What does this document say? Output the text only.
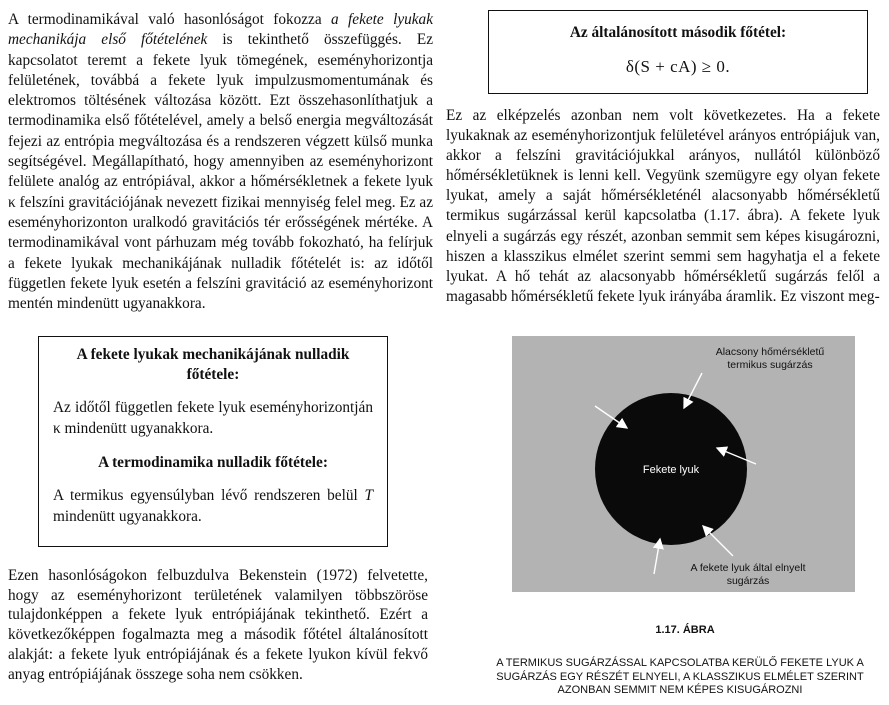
A termodinamikával való hasonlóságot fokozza a fekete lyukak mechanikája első főtételének is tekinthető összefüggés. Ez kapcsolatot teremt a fekete lyuk tömegének, eseményhorizontja felületének, továbbá a fekete lyuk impulzusmomentumának és elektromos töltésének változása között. Ezt összehasonlíthatjuk a termodinamika első főtételével, amely a belső energia megváltozását fejezi az entrópia megváltozása és a rendszeren végzett külső munka segítségével. Megállapítható, hogy amennyiben az eseményhorizont felülete analóg az entrópiával, akkor a hőmérsékletnek a fekete lyuk κ felszíni gravitációjának nevezett fizikai mennyiség felel meg. Ez az eseményhorizonton uralkodó gravitációs tér erősségének mértéke. A termodinamikával vont párhuzam még tovább fokozható, ha felírjuk a fekete lyukak mechanikájának nulladik főtételét is: az időtől független fekete lyuk esetén a felszíni gravitáció az eseményhorizont mentén mindenütt ugyanakkora.

A fekete lyukak mechanikájának nulladik főtétele:

Az időtől független fekete lyuk eseményhorizontján κ mindenütt ugyanakkora.

A termodinamika nulladik főtétele:

A termikus egyensúlyban lévő rendszeren belül T mindenütt ugyanakkora.

Ezen hasonlóságokon felbuzdulva Bekenstein (1972) felvetette, hogy az eseményhorizont területének valamilyen többszöröse tulajdonképpen a fekete lyuk entrópiájának tekinthető. Ezért a következőképpen fogalmazta meg a második főtétel általánosított alakját: a fekete lyuk entrópiájának és a fekete lyukon kívül fekvő anyag entrópiájának összege soha nem csökken.

Az általánosított második főtétel:

δ(S + cA) ≥ 0.

Ez az elképzelés azonban nem volt következetes. Ha a fekete lyukaknak az eseményhorizontjuk felületével arányos entrópiájuk van, akkor a felszíni gravitációjukkal arányos, nullától különböző hőmérsékletüknek is lenni kell. Vegyünk szemügyre egy olyan fekete lyukat, amely a saját hőmérsékleténél alacsonyabb hőmérsékletű termikus sugárzással kerül kapcsolatba (1.17. ábra). A fekete lyuk elnyeli a sugárzás egy részét, azonban semmit sem képes kisugározni, hiszen a klasszikus elmélet szerint semmi sem hagyhatja el a fekete lyukat. A hő tehát az alacsonyabb hőmérsékletű sugárzás felől a magasabb hőmérsékletű fekete lyuk irányába áramlik. Ez viszont meg-

Alacsony hőmérsékletű termikus sugárzás
Fekete lyuk
A fekete lyuk által elnyelt sugárzás
1.17. ÁBRA
A TERMIKUS SUGÁRZÁSSAL KAPCSOLATBA KERÜLŐ FEKETE LYUK A SUGÁRZÁS EGY RÉSZÉT ELNYELI, A KLASSZIKUS ELMÉLET SZERINT AZONBAN SEMMIT NEM KÉPES KISUGÁROZNI
